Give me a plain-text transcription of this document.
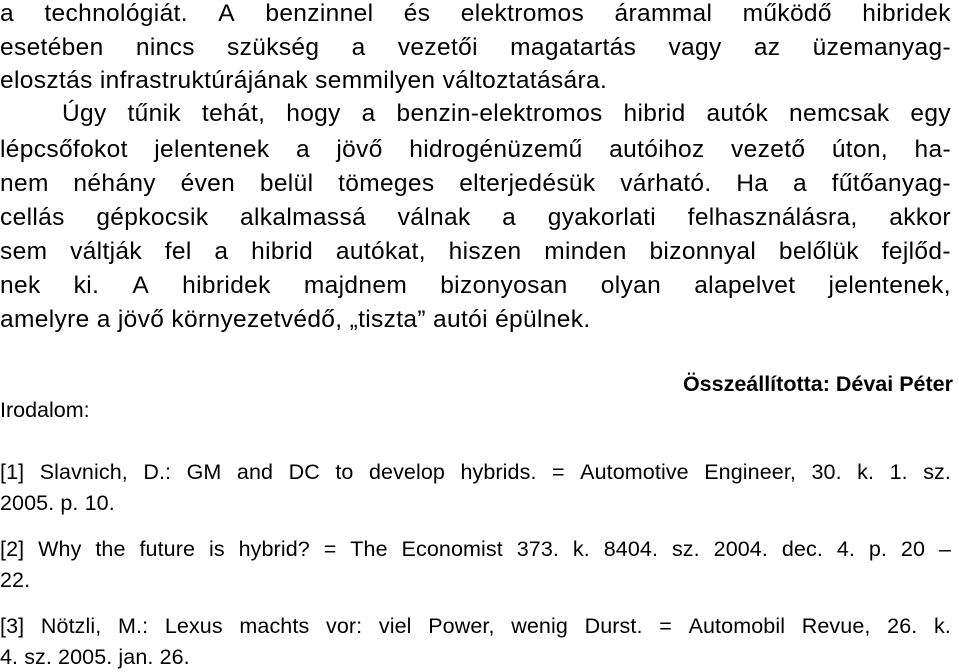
a technológiát. A benzinnel és elektromos árammal működő hibridek
esetében nincs szükség a vezetői magatartás vagy az üzemanyag-
elosztás infrastruktúrájának semmilyen változtatására.
Úgy tűnik tehát, hogy a benzin-elektromos hibrid autók nemcsak egy
lépcsőfokot jelentenek a jövő hidrogénüzemű autóihoz vezető úton, ha-
nem néhány éven belül tömeges elterjedésük várható. Ha a fűtőanyag-
cellás gépkocsik alkalmassá válnak a gyakorlati felhasználásra, akkor
sem váltják fel a hibrid autókat, hiszen minden bizonnyal belőlük fejlőd-
nek ki. A hibridek majdnem bizonyosan olyan alapelvet jelentenek,
amelyre a jövő környezetvédő, „tiszta” autói épülnek.
Összeállította: Dévai Péter
Irodalom:
[1] Slavnich, D.: GM and DC to develop hybrids. = Automotive Engineer, 30. k. 1. sz.
2005. p. 10.
[2] Why the future is hybrid? = The Economist 373. k. 8404. sz. 2004. dec. 4. p. 20 –
22.
[3] Nötzli, M.: Lexus machts vor: viel Power, wenig Durst. = Automobil Revue, 26. k.
4. sz. 2005. jan. 26.
